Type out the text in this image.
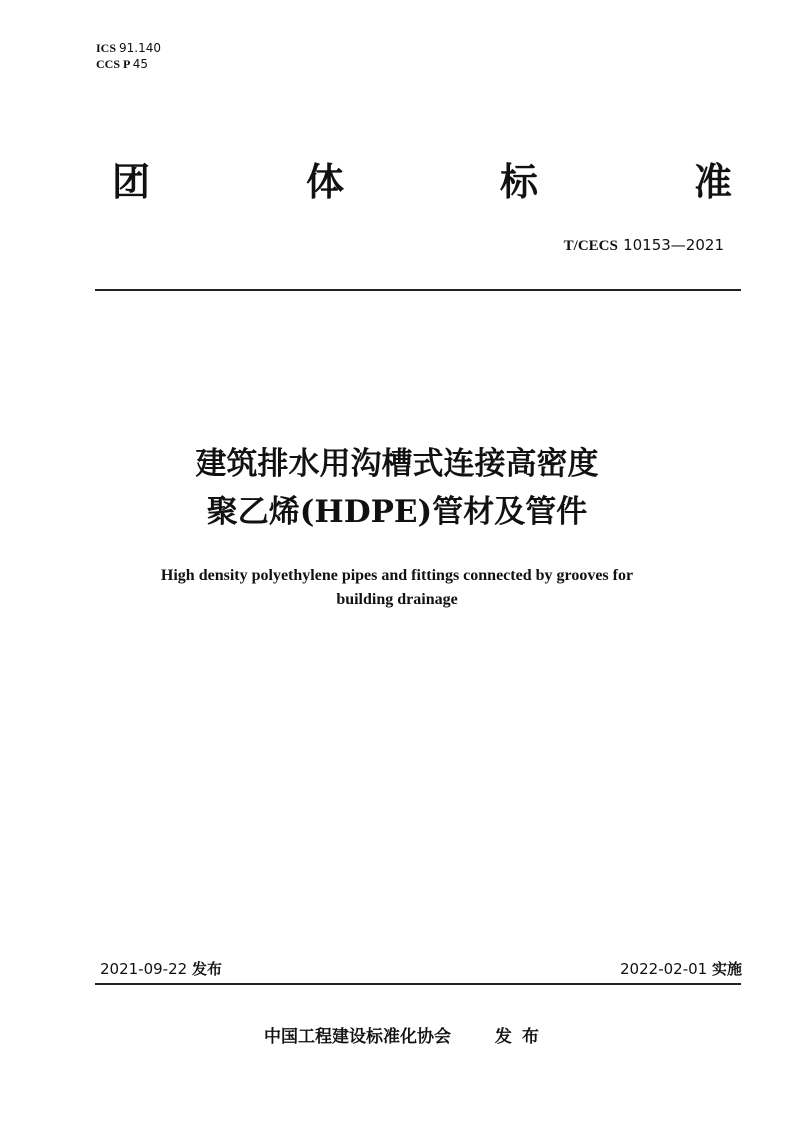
ICS 91.140
CCS P 45
团	体	标	准
T/CECS 10153—2021
建筑排水用沟槽式连接高密度
聚乙烯(HDPE)管材及管件
High density polyethylene pipes and fittings connected by grooves for
building drainage
2021-09-22 发布	2022-02-01 实施
中国工程建设标准化协会	发布
